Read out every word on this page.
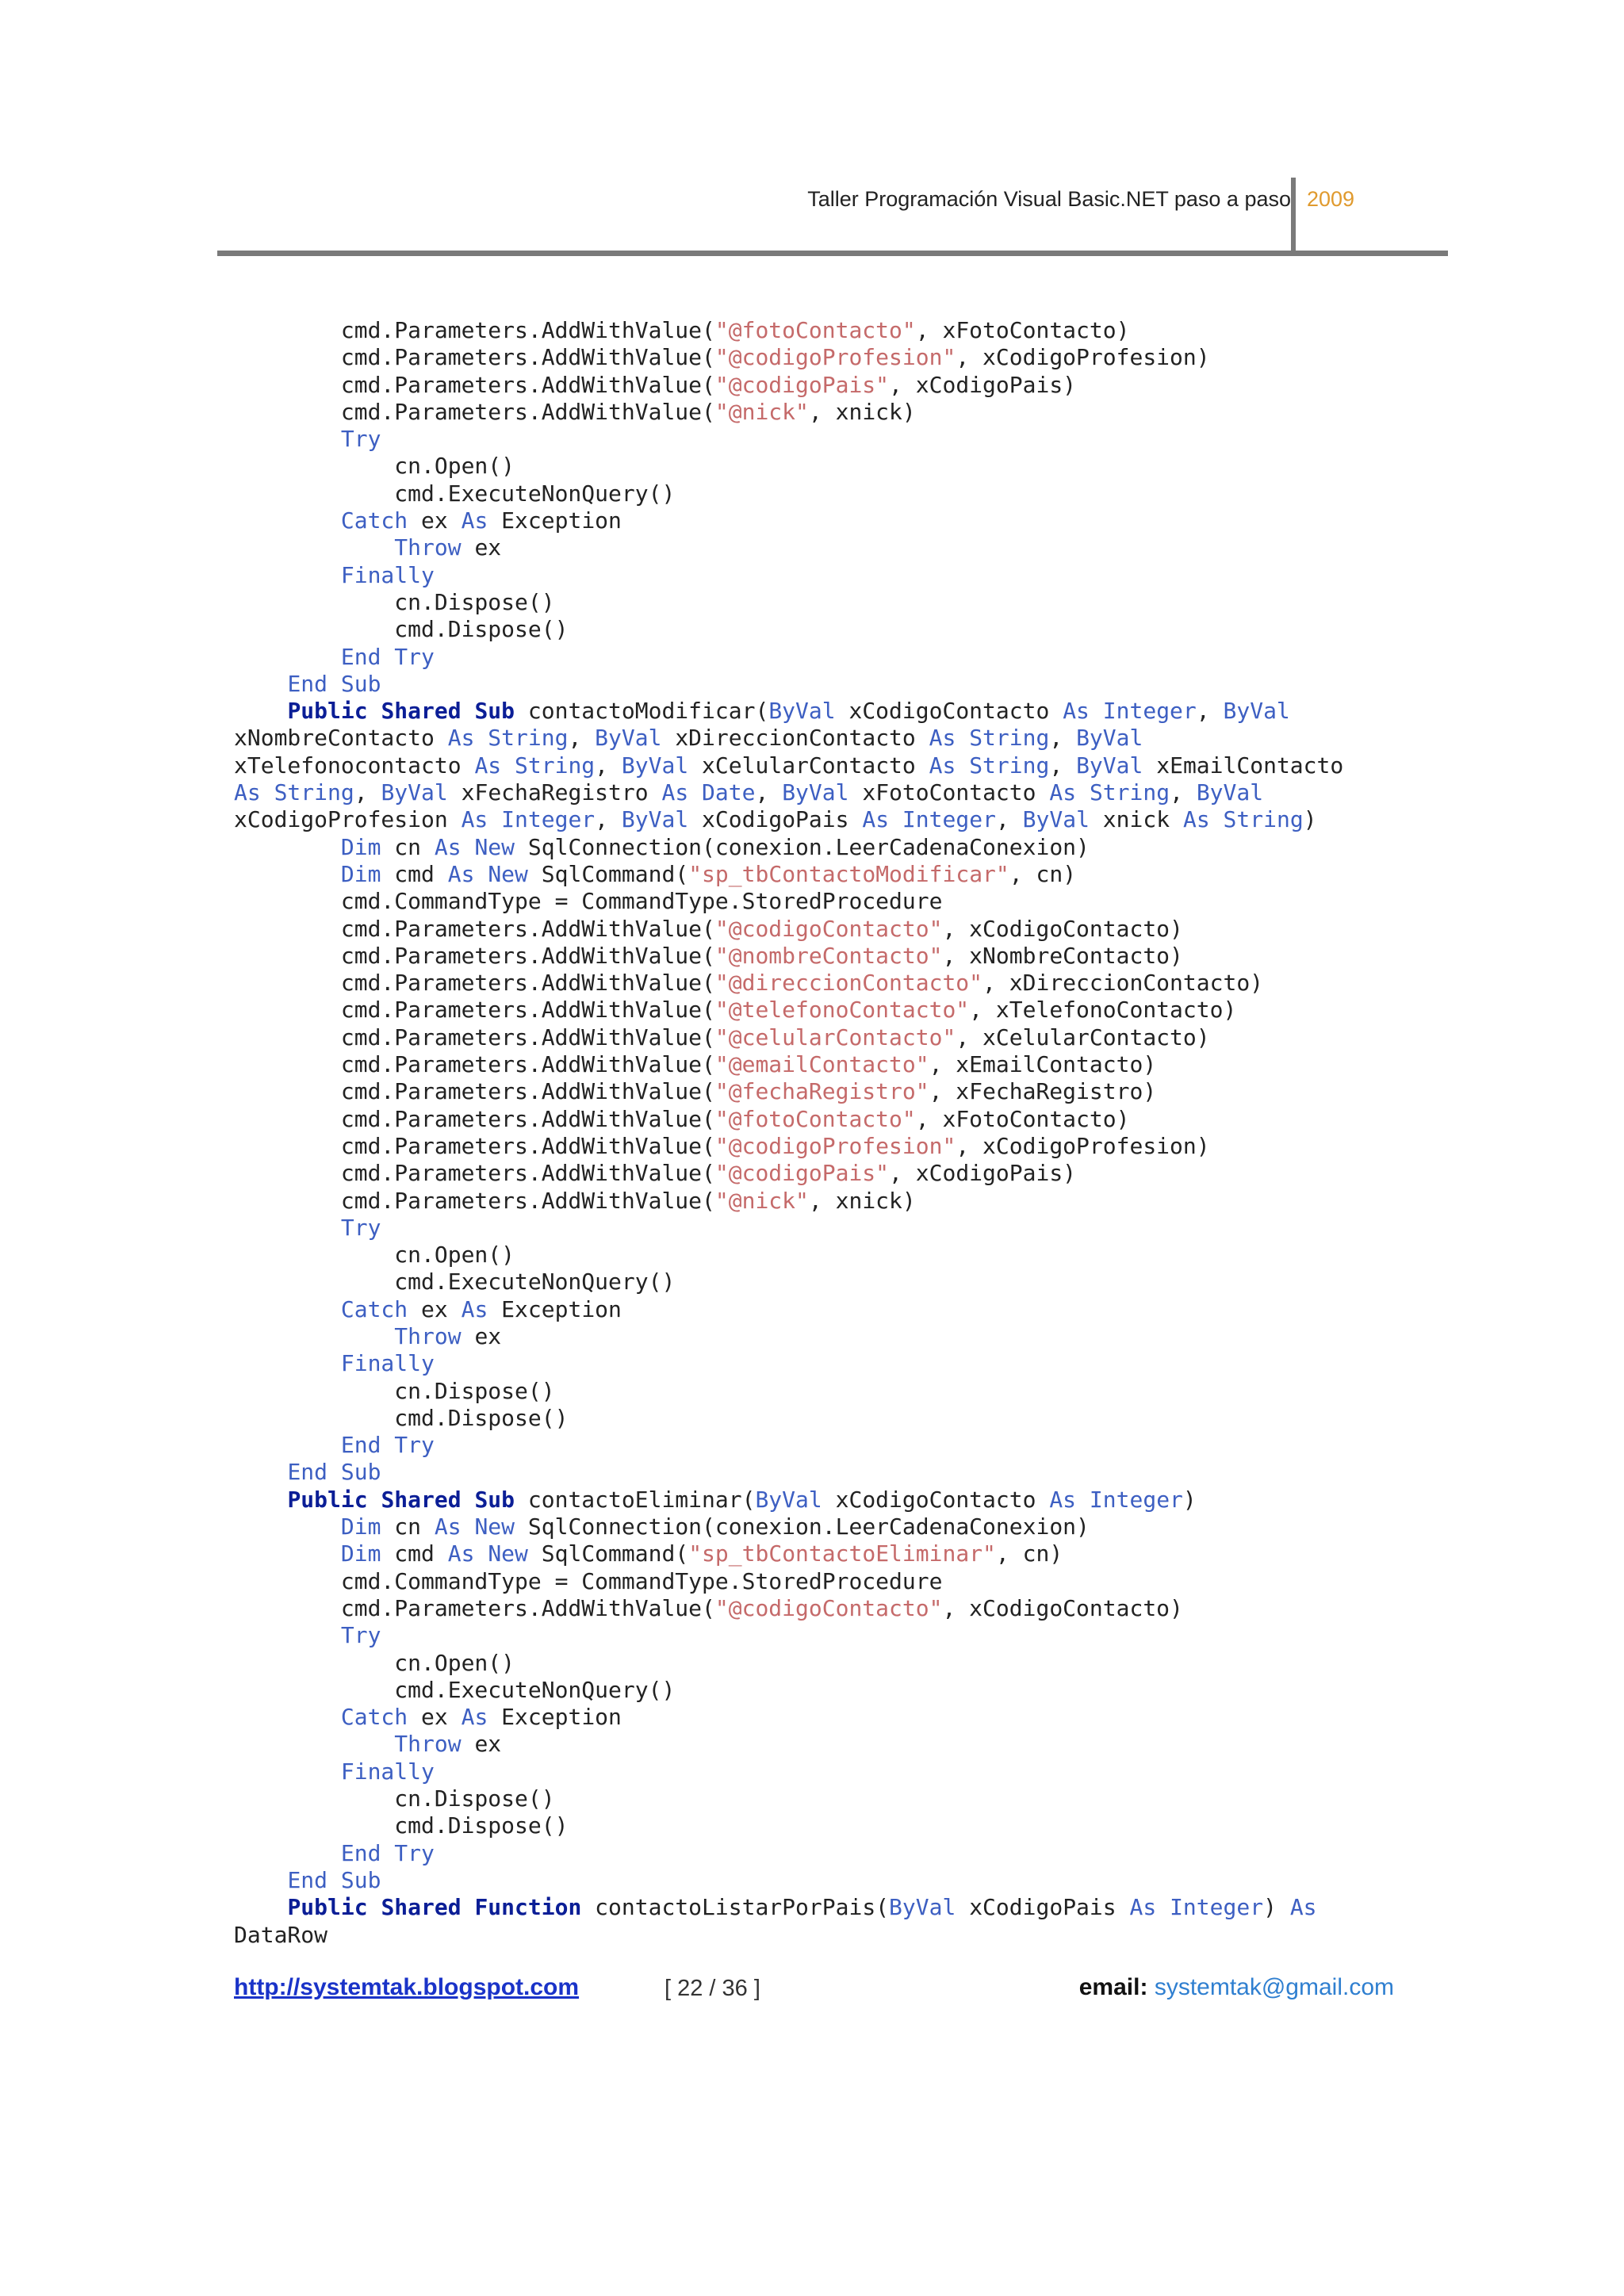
Taller Programación Visual Basic.NET paso a paso 2009
cmd.Parameters.AddWithValue("@fotoContacto", xFotoContacto)
cmd.Parameters.AddWithValue("@codigoProfesion", xCodigoProfesion)
cmd.Parameters.AddWithValue("@codigoPais", xCodigoPais)
cmd.Parameters.AddWithValue("@nick", xnick)
Try
cn.Open()
cmd.ExecuteNonQuery()
Catch ex As Exception
Throw ex
Finally
cn.Dispose()
cmd.Dispose()
End Try
End Sub
Public Shared Sub contactoModificar(ByVal xCodigoContacto As Integer, ByVal
xNombreContacto As String, ByVal xDireccionContacto As String, ByVal
xTelefonocontacto As String, ByVal xCelularContacto As String, ByVal xEmailContacto
As String, ByVal xFechaRegistro As Date, ByVal xFotoContacto As String, ByVal
xCodigoProfesion As Integer, ByVal xCodigoPais As Integer, ByVal xnick As String)
Dim cn As New SqlConnection(conexion.LeerCadenaConexion)
Dim cmd As New SqlCommand("sp_tbContactoModificar", cn)
cmd.CommandType = CommandType.StoredProcedure
cmd.Parameters.AddWithValue("@codigoContacto", xCodigoContacto)
cmd.Parameters.AddWithValue("@nombreContacto", xNombreContacto)
cmd.Parameters.AddWithValue("@direccionContacto", xDireccionContacto)
cmd.Parameters.AddWithValue("@telefonoContacto", xTelefonoContacto)
cmd.Parameters.AddWithValue("@celularContacto", xCelularContacto)
cmd.Parameters.AddWithValue("@emailContacto", xEmailContacto)
cmd.Parameters.AddWithValue("@fechaRegistro", xFechaRegistro)
cmd.Parameters.AddWithValue("@fotoContacto", xFotoContacto)
cmd.Parameters.AddWithValue("@codigoProfesion", xCodigoProfesion)
cmd.Parameters.AddWithValue("@codigoPais", xCodigoPais)
cmd.Parameters.AddWithValue("@nick", xnick)
Try
cn.Open()
cmd.ExecuteNonQuery()
Catch ex As Exception
Throw ex
Finally
cn.Dispose()
cmd.Dispose()
End Try
End Sub
Public Shared Sub contactoEliminar(ByVal xCodigoContacto As Integer)
Dim cn As New SqlConnection(conexion.LeerCadenaConexion)
Dim cmd As New SqlCommand("sp_tbContactoEliminar", cn)
cmd.CommandType = CommandType.StoredProcedure
cmd.Parameters.AddWithValue("@codigoContacto", xCodigoContacto)
Try
cn.Open()
cmd.ExecuteNonQuery()
Catch ex As Exception
Throw ex
Finally
cn.Dispose()
cmd.Dispose()
End Try
End Sub
Public Shared Function contactoListarPorPais(ByVal xCodigoPais As Integer) As
DataRow
http://systemtak.blogspot.com	[ 22 / 36 ]	email: systemtak@gmail.com
